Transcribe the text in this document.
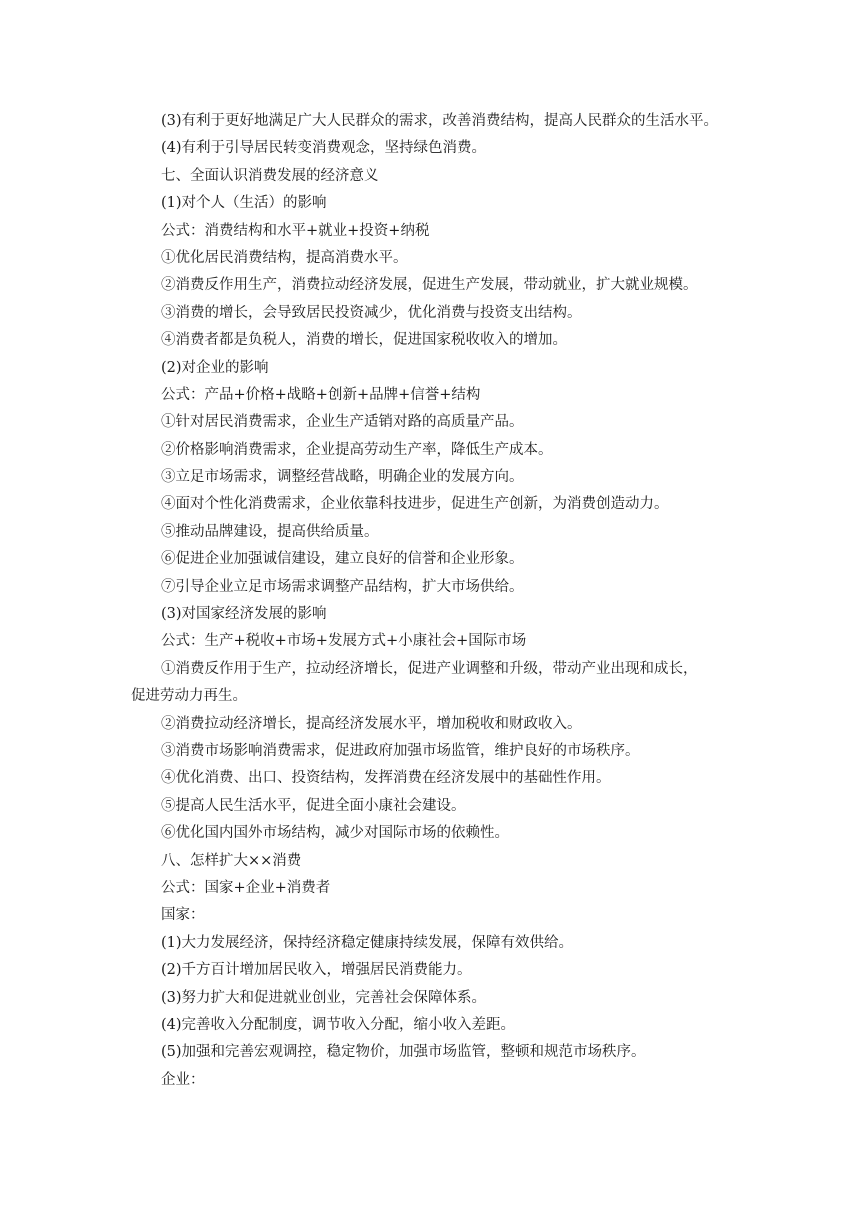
(3)有利于更好地满足广大人民群众的需求，改善消费结构，提高人民群众的生活水平。
(4)有利于引导居民转变消费观念，坚持绿色消费。
七、全面认识消费发展的经济意义
(1)对个人（生活）的影响
公式：消费结构和水平+就业+投资+纳税
①优化居民消费结构，提高消费水平。
②消费反作用生产，消费拉动经济发展，促进生产发展，带动就业，扩大就业规模。
③消费的增长，会导致居民投资减少，优化消费与投资支出结构。
④消费者都是负税人，消费的增长，促进国家税收收入的增加。
(2)对企业的影响
公式：产品+价格+战略+创新+品牌+信誉+结构
①针对居民消费需求，企业生产适销对路的高质量产品。
②价格影响消费需求，企业提高劳动生产率，降低生产成本。
③立足市场需求，调整经营战略，明确企业的发展方向。
④面对个性化消费需求，企业依靠科技进步，促进生产创新，为消费创造动力。
⑤推动品牌建设，提高供给质量。
⑥促进企业加强诚信建设，建立良好的信誉和企业形象。
⑦引导企业立足市场需求调整产品结构，扩大市场供给。
(3)对国家经济发展的影响
公式：生产+税收+市场+发展方式+小康社会+国际市场
①消费反作用于生产，拉动经济增长，促进产业调整和升级，带动产业出现和成长，促进劳动力再生。
②消费拉动经济增长，提高经济发展水平，增加税收和财政收入。
③消费市场影响消费需求，促进政府加强市场监管，维护良好的市场秩序。
④优化消费、出口、投资结构，发挥消费在经济发展中的基础性作用。
⑤提高人民生活水平，促进全面小康社会建设。
⑥优化国内国外市场结构，减少对国际市场的依赖性。
八、怎样扩大××消费
公式：国家+企业+消费者
国家：
(1)大力发展经济，保持经济稳定健康持续发展，保障有效供给。
(2)千方百计增加居民收入，增强居民消费能力。
(3)努力扩大和促进就业创业，完善社会保障体系。
(4)完善收入分配制度，调节收入分配，缩小收入差距。
(5)加强和完善宏观调控，稳定物价，加强市场监管，整顿和规范市场秩序。
企业：
